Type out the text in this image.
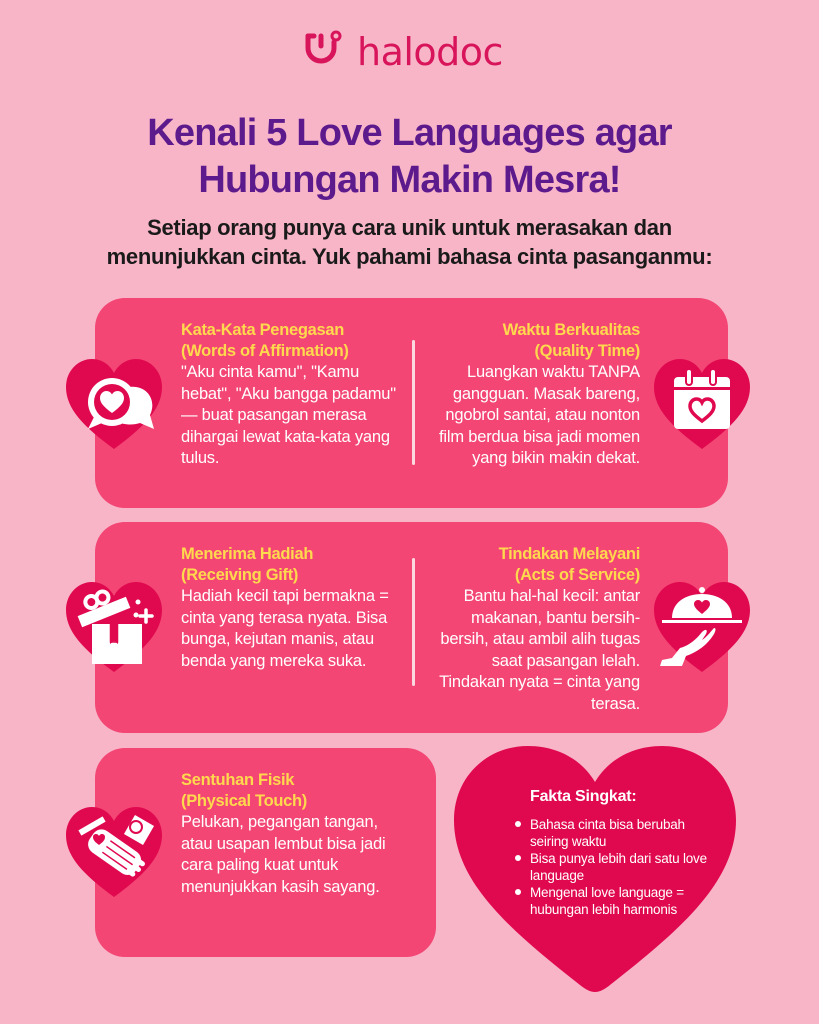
halodoc
Kenali 5 Love Languages agar
Hubungan Makin Mesra!
Setiap orang punya cara unik untuk merasakan dan
menunjukkan cinta. Yuk pahami bahasa cinta pasanganmu:
Kata-Kata Penegasan
(Words of Affirmation)

"Aku cinta kamu", "Kamu hebat", "Aku bangga padamu" — buat pasangan merasa dihargai lewat kata-kata yang tulus.

Waktu Berkualitas
(Quality Time)

Luangkan waktu TANPA gangguan. Masak bareng, ngobrol santai, atau nonton film berdua bisa jadi momen yang bikin makin dekat.

Menerima Hadiah
(Receiving Gift)

Hadiah kecil tapi bermakna = cinta yang terasa nyata. Bisa bunga, kejutan manis, atau benda yang mereka suka.

Tindakan Melayani
(Acts of Service)

Bantu hal-hal kecil: antar makanan, bantu bersih-bersih, atau ambil alih tugas saat pasangan lelah. Tindakan nyata = cinta yang terasa.

Sentuhan Fisik
(Physical Touch)

Pelukan, pegangan tangan, atau usapan lembut bisa jadi cara paling kuat untuk menunjukkan kasih sayang.

Fakta Singkat:
Bahasa cinta bisa berubah seiring waktu
Bisa punya lebih dari satu love language
Mengenal love language = hubungan lebih harmonis
